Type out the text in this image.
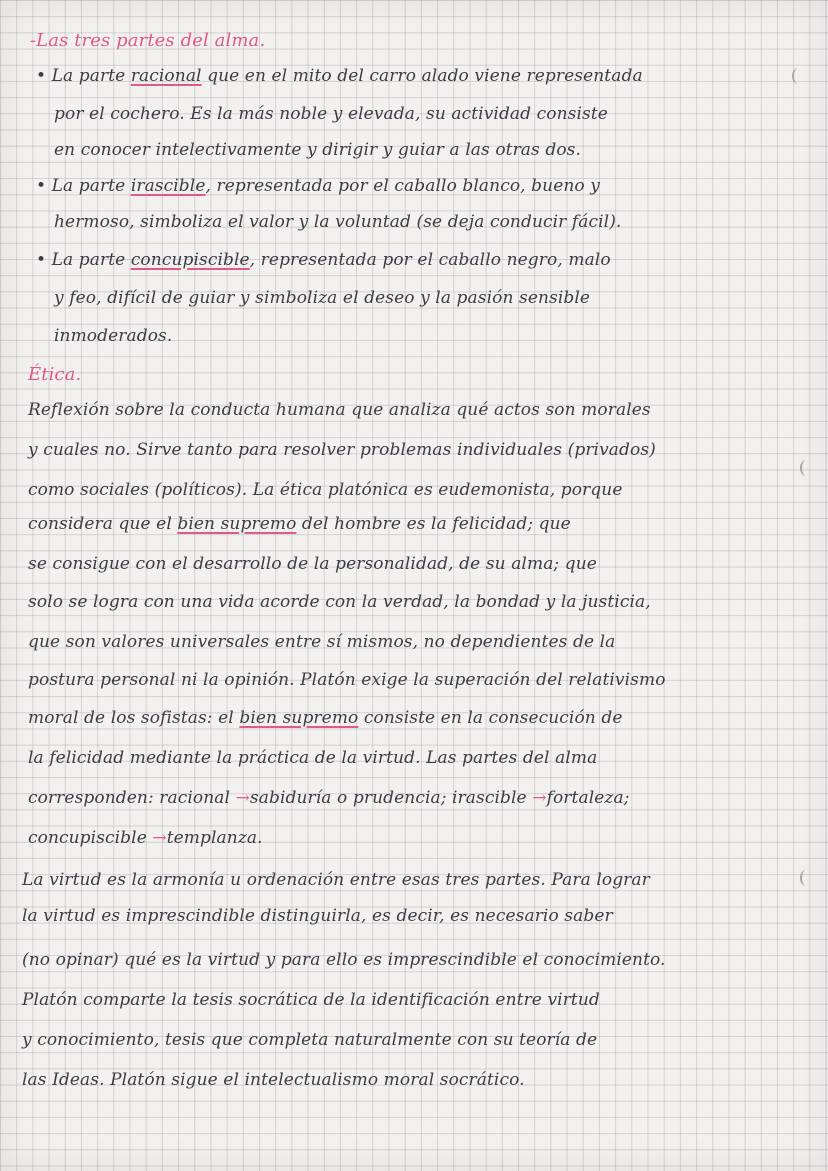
-Las tres partes del alma.
• La parte racional que en el mito del carro alado viene representada
por el cochero. Es la más noble y elevada, su actividad consiste
en conocer intelectivamente y dirigir y guiar a las otras dos.
• La parte irascible, representada por el caballo blanco, bueno y
hermoso, simboliza el valor y la voluntad (se deja conducir fácil).
• La parte concupiscible, representada por el caballo negro, malo
y feo, difícil de guiar y simboliza el deseo y la pasión sensible
inmoderados.
Ética.
Reflexión sobre la conducta humana que analiza qué actos son morales
y cuales no. Sirve tanto para resolver problemas individuales (privados)
como sociales (políticos). La ética platónica es eudemonista, porque
considera que el bien supremo del hombre es la felicidad; que
se consigue con el desarrollo de la personalidad, de su alma; que
solo se logra con una vida acorde con la verdad, la bondad y la justicia,
que son valores universales entre sí mismos, no dependientes de la
postura personal ni la opinión. Platón exige la superación del relativismo
moral de los sofistas: el bien supremo consiste en la consecución de
la felicidad mediante la práctica de la virtud. Las partes del alma
corresponden: racional →sabiduría o prudencia; irascible →fortaleza;
concupiscible →templanza.
La virtud es la armonía u ordenación entre esas tres partes. Para lograr
la virtud es imprescindible distinguirla, es decir, es necesario saber
(no opinar) qué es la virtud y para ello es imprescindible el conocimiento.
Platón comparte la tesis socrática de la identificación entre virtud
y conocimiento, tesis que completa naturalmente con su teoría de
las Ideas. Platón sigue el intelectualismo moral socrático.
